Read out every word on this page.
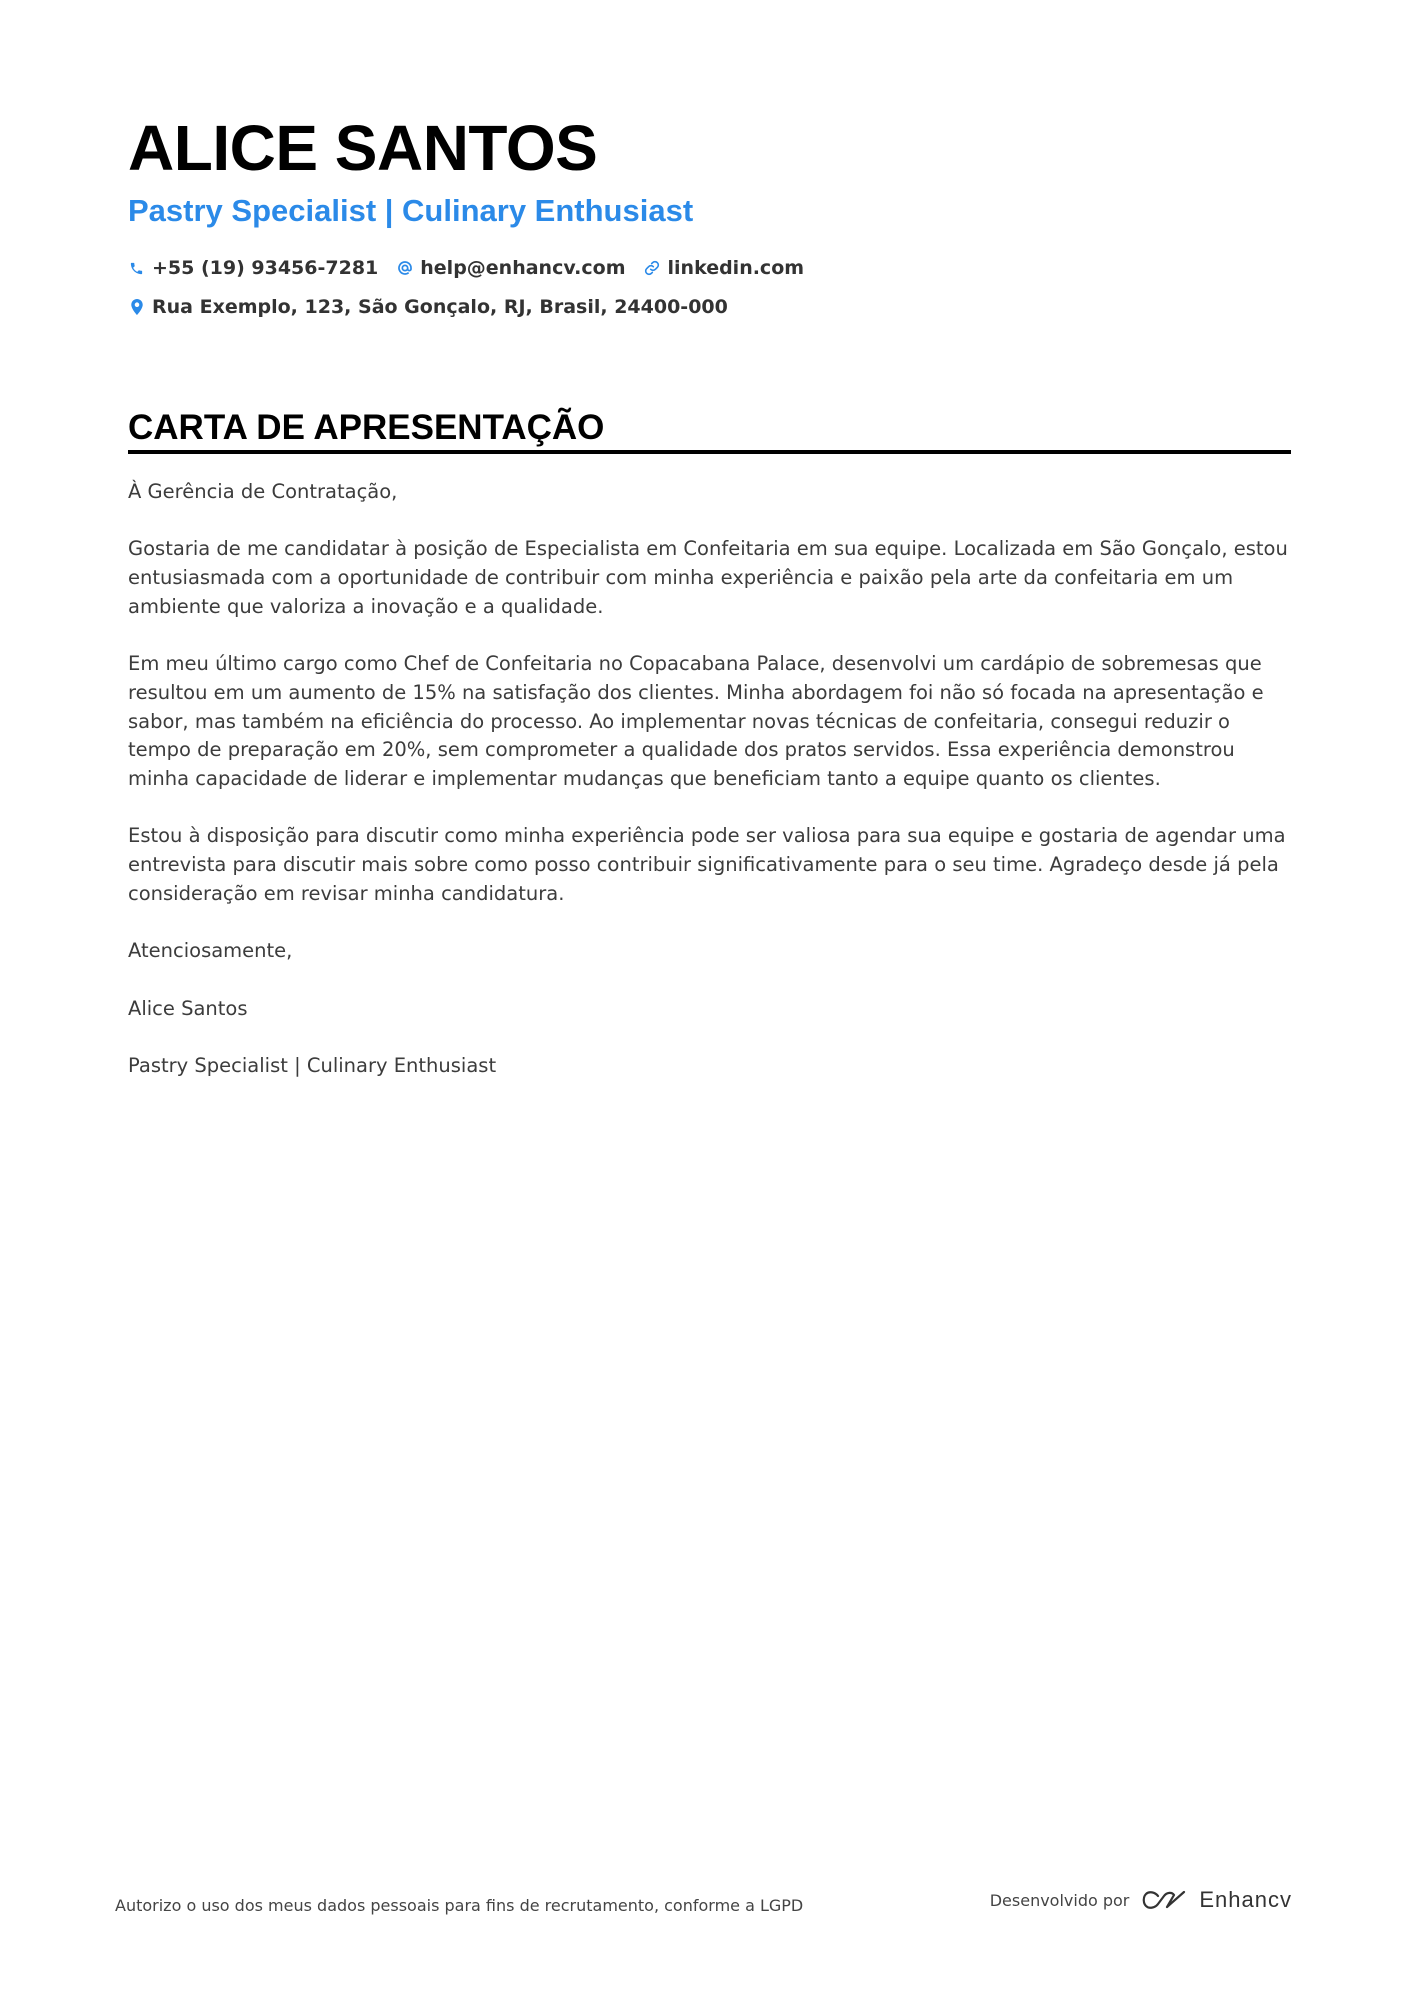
ALICE SANTOS
Pastry Specialist | Culinary Enthusiast
+55 (19) 93456-7281 help@enhancv.com linkedin.com
Rua Exemplo, 123, São Gonçalo, RJ, Brasil, 24400-000
CARTA DE APRESENTAÇÃO

À Gerência de Contratação,

Gostaria de me candidatar à posição de Especialista em Confeitaria em sua equipe. Localizada em São Gonçalo, estou entusiasmada com a oportunidade de contribuir com minha experiência e paixão pela arte da confeitaria em um ambiente que valoriza a inovação e a qualidade.

Em meu último cargo como Chef de Confeitaria no Copacabana Palace, desenvolvi um cardápio de sobremesas que resultou em um aumento de 15% na satisfação dos clientes. Minha abordagem foi não só focada na apresentação e sabor, mas também na eficiência do processo. Ao implementar novas técnicas de confeitaria, consegui reduzir o tempo de preparação em 20%, sem comprometer a qualidade dos pratos servidos. Essa experiência demonstrou minha capacidade de liderar e implementar mudanças que beneficiam tanto a equipe quanto os clientes.

Estou à disposição para discutir como minha experiência pode ser valiosa para sua equipe e gostaria de agendar uma entrevista para discutir mais sobre como posso contribuir significativamente para o seu time. Agradeço desde já pela consideração em revisar minha candidatura.

Atenciosamente,

Alice Santos

Pastry Specialist | Culinary Enthusiast

Autorizo o uso dos meus dados pessoais para fins de recrutamento, conforme a LGPD	Desenvolvido por	Enhancv
